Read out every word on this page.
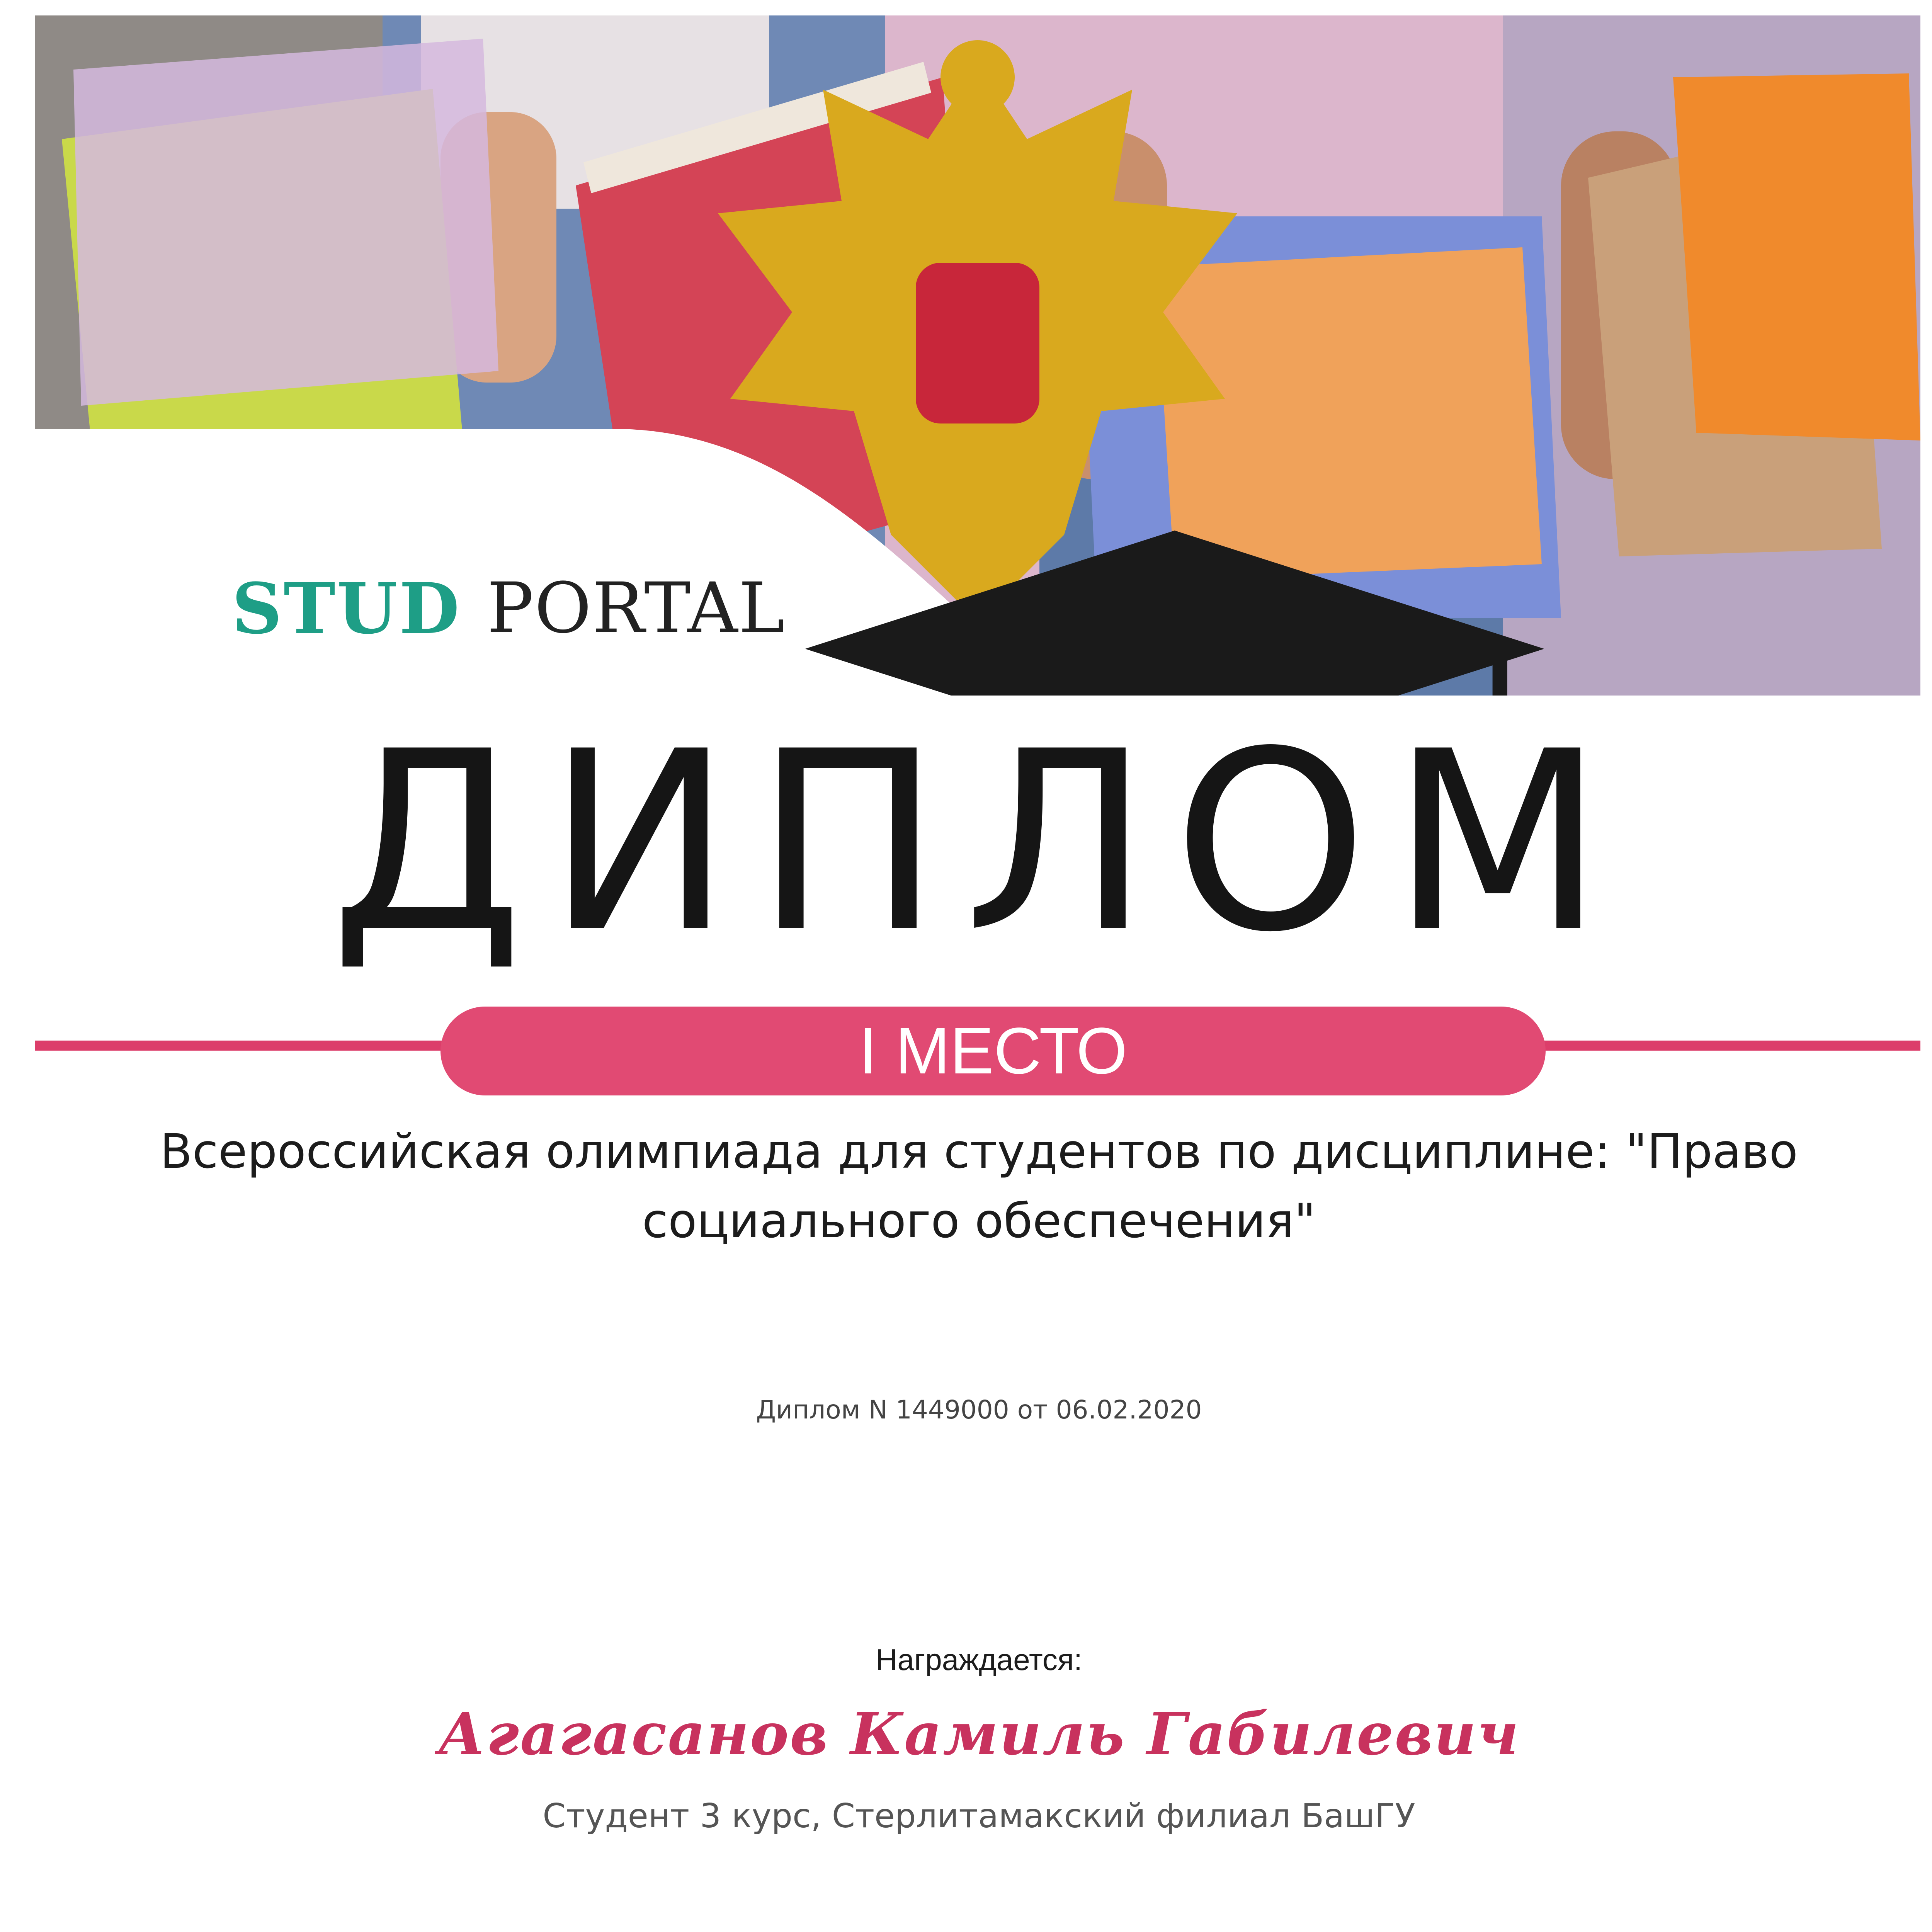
STUD PORTAL
ДИПЛОМ
I МЕСТО
Всероссийская олимпиада для студентов по дисциплине: "Право
социального обеспечения"
Диплом N 1449000 от 06.02.2020
Награждается:
Агагасанов Камиль Габилевич
Студент 3 курс, Стерлитамакский филиал БашГУ
